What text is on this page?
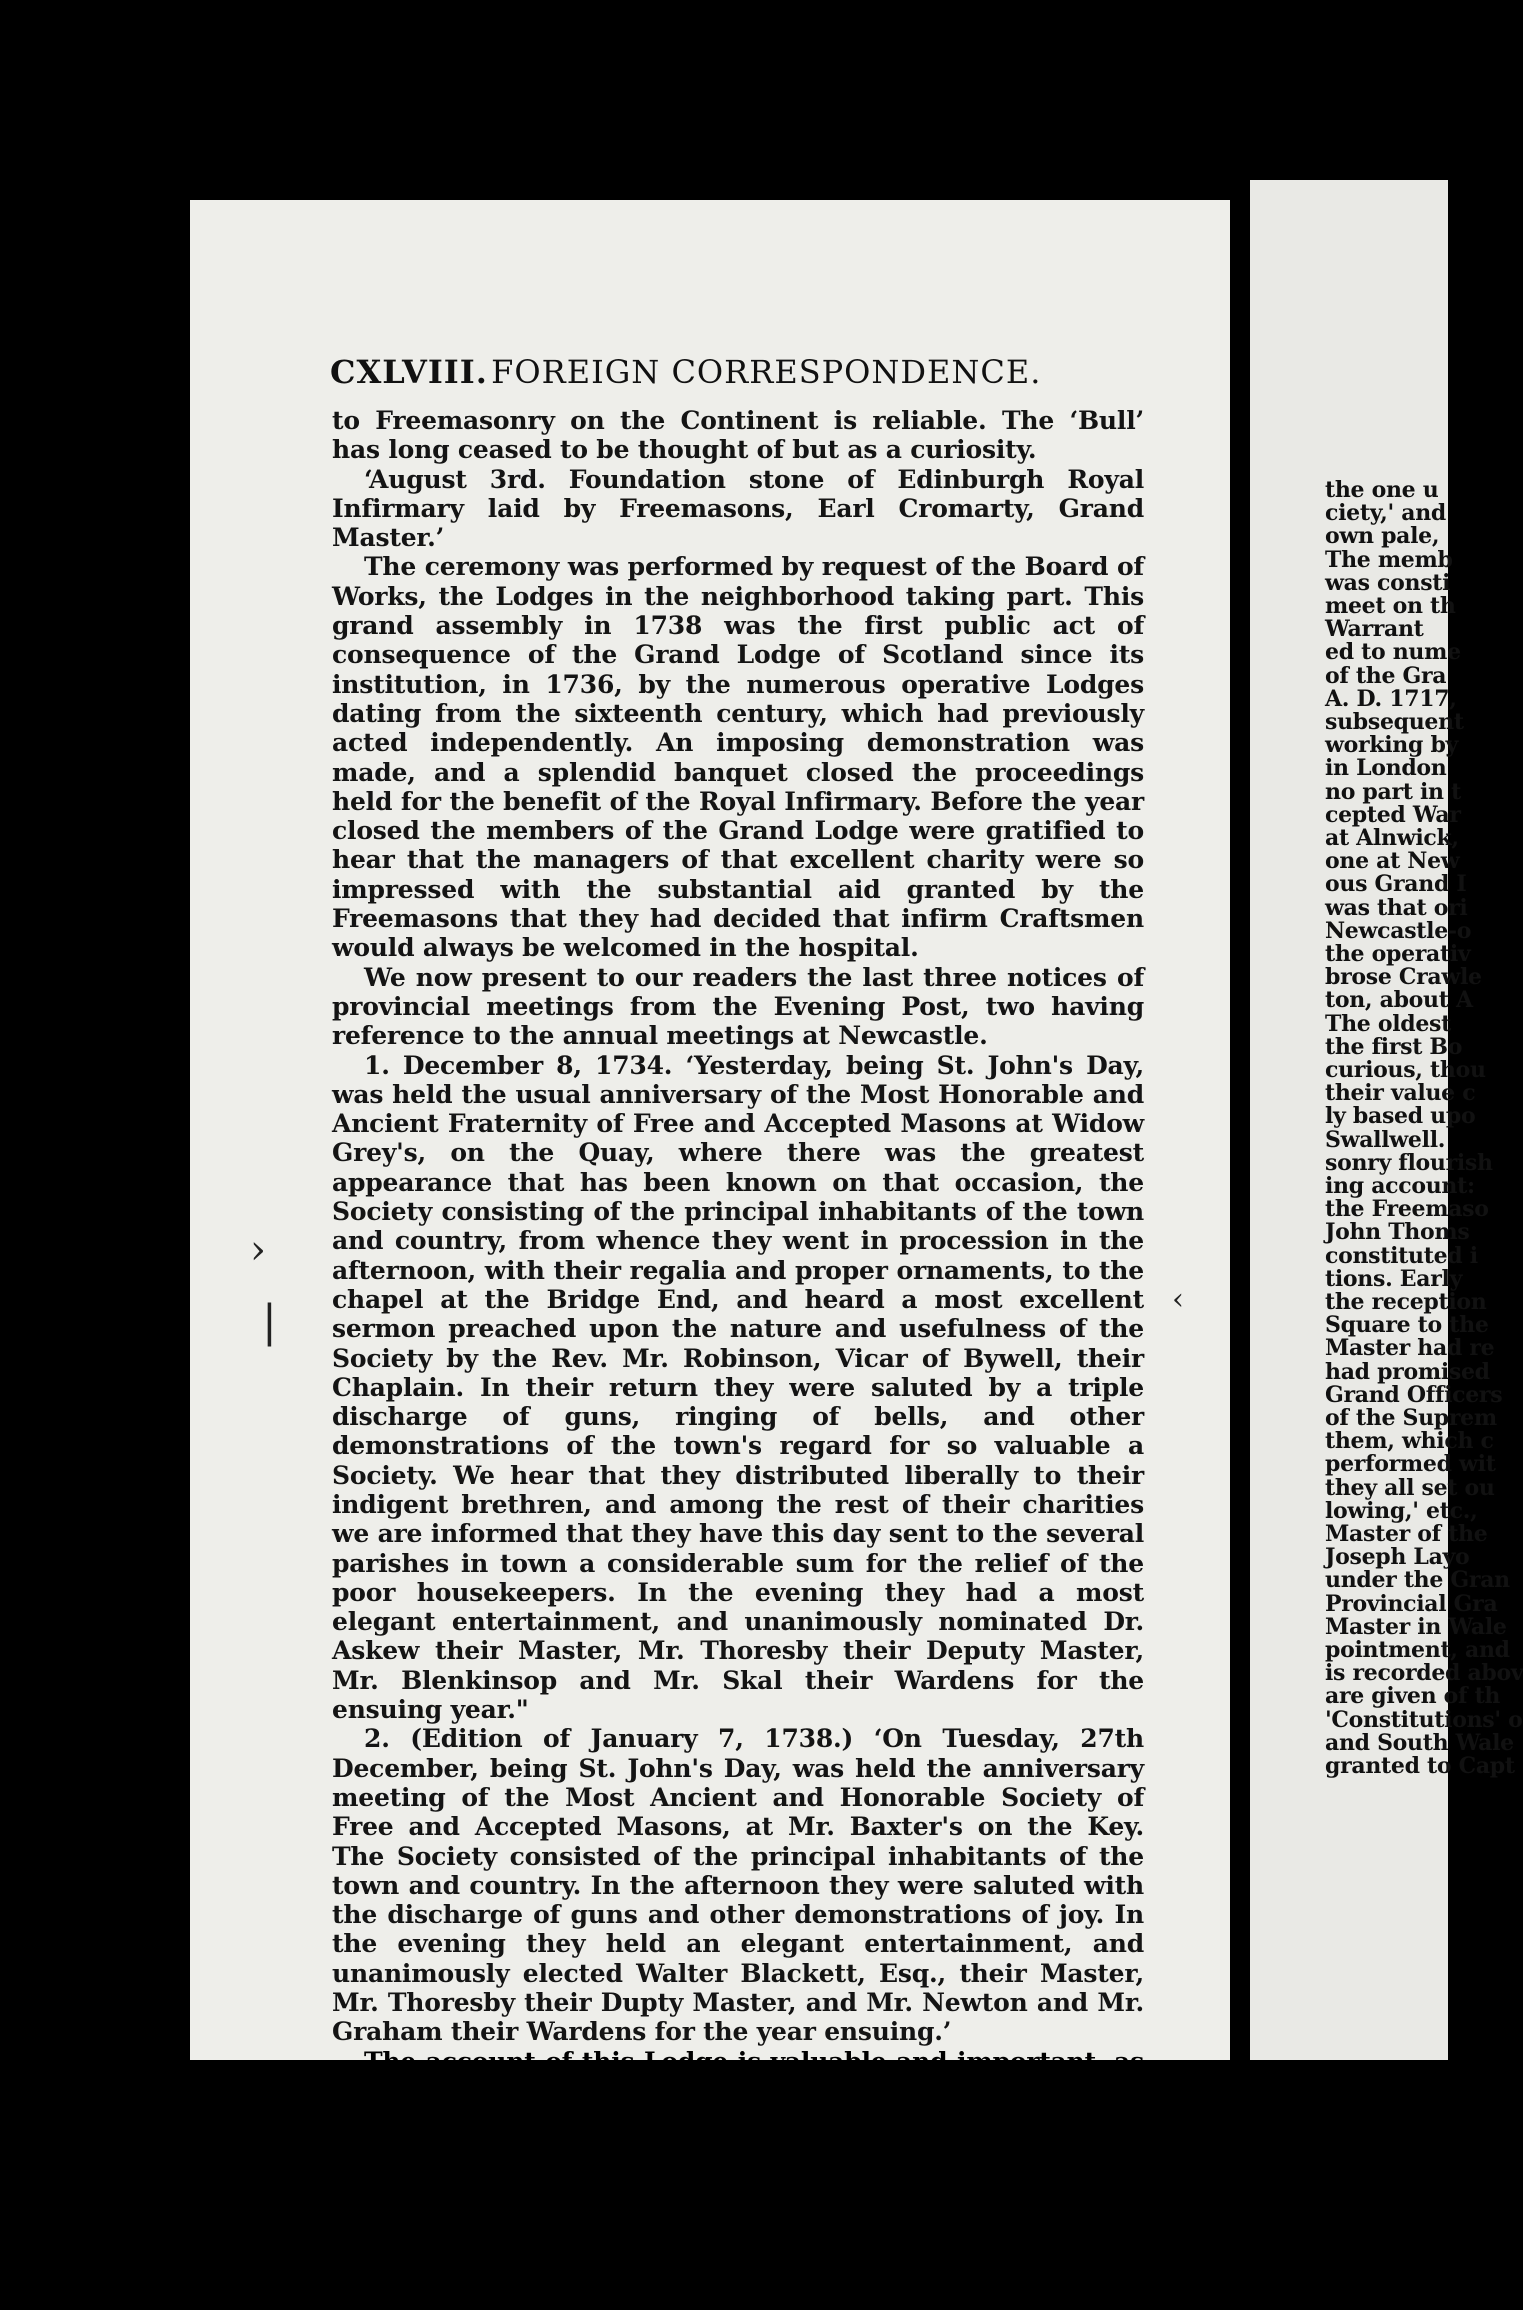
the one u
ciety,' and
own pale,
The memb
was consti
meet on th
Warrant
ed to nume
of the Gra
A. D. 1717,
subsequent
working by
in London
no part in t
cepted War
at Alnwick,
one at New
ous Grand I
was that ori
Newcastle-o
the operativ
brose Crawle
ton, about A
The oldest
the first Bo
curious, thou
their value c
ly based upo
Swallwell.
sonry flourish
ing account:
the Freemaso
John Thoms
constituted i
tions. Early
the reception
Square to the
Master had re
had promised
Grand Officers
of the Suprem
them, which c
performed wit
they all set ou
lowing,' etc.,
Master of the
Joseph Layo
under the Gran
Provincial Gra
Master in Wale
pointment, and
is recorded abov
are given of th
'Constitutions' o
and South Wale
granted to Capt
CXLVIII. FOREIGN CORRESPONDENCE.

to Freemasonry on the Continent is reliable. The ‘Bull’ has long ceased to be thought of but as a curiosity.

‘August 3rd. Foundation stone of Edinburgh Royal Infirmary laid by Freemasons, Earl Cromarty, Grand Master.’

The ceremony was performed by request of the Board of Works, the Lodges in the neighborhood taking part. This grand assembly in 1738 was the first public act of consequence of the Grand Lodge of Scotland since its institution, in 1736, by the numerous operative Lodges dating from the sixteenth century, which had previously acted independently. An imposing demonstration was made, and a splendid banquet closed the proceedings held for the benefit of the Royal Infirmary. Before the year closed the members of the Grand Lodge were gratified to hear that the managers of that excellent charity were so impressed with the substantial aid granted by the Freemasons that they had decided that infirm Craftsmen would always be welcomed in the hospital.

We now present to our readers the last three notices of provincial meetings from the Evening Post, two having reference to the annual meetings at Newcastle.

1. December 8, 1734. ‘Yesterday, being St. John's Day, was held the usual anniversary of the Most Honorable and Ancient Fraternity of Free and Accepted Masons at Widow Grey's, on the Quay, where there was the greatest appearance that has been known on that occasion, the Society consisting of the principal inhabitants of the town and country, from whence they went in procession in the afternoon, with their regalia and proper ornaments, to the chapel at the Bridge End, and heard a most excellent sermon preached upon the nature and usefulness of the Society by the Rev. Mr. Robinson, Vicar of Bywell, their Chaplain. In their return they were saluted by a triple discharge of guns, ringing of bells, and other demonstrations of the town's regard for so valuable a Society. We hear that they distributed liberally to their indigent brethren, and among the rest of their charities we are informed that they have this day sent to the several parishes in town a considerable sum for the relief of the poor housekeepers. In the evening they had a most elegant entertainment, and unanimously nominated Dr. Askew their Master, Mr. Thoresby their Deputy Master, Mr. Blenkinsop and Mr. Skal their Wardens for the ensuing year."

2. (Edition of January 7, 1738.) ‘On Tuesday, 27th December, being St. John's Day, was held the anniversary meeting of the Most Ancient and Honorable Society of Free and Accepted Masons, at Mr. Baxter's on the Key. The Society consisted of the principal inhabitants of the town and country. In the afternoon they were saluted with the discharge of guns and other demonstrations of joy. In the evening they held an elegant entertainment, and unanimously elected Walter Blackett, Esq., their Master, Mr. Thoresby their Dupty Master, and Mr. Newton and Mr. Graham their Wardens for the year ensuing.’

The account of this Lodge is valuable and important, as it evidently refers to a period (1734) when the members met by virtue of time immemorial qualifications, no Warrant having been issued until the following year by the Grand Lodge of England. There is every thing to suggest that the Lodge was an old one in 1734, and that the annual celebration of St. John's Day and the participation of the inhabitants in the rejoicing were things of common occurrence for years prior to

›
|	‹
